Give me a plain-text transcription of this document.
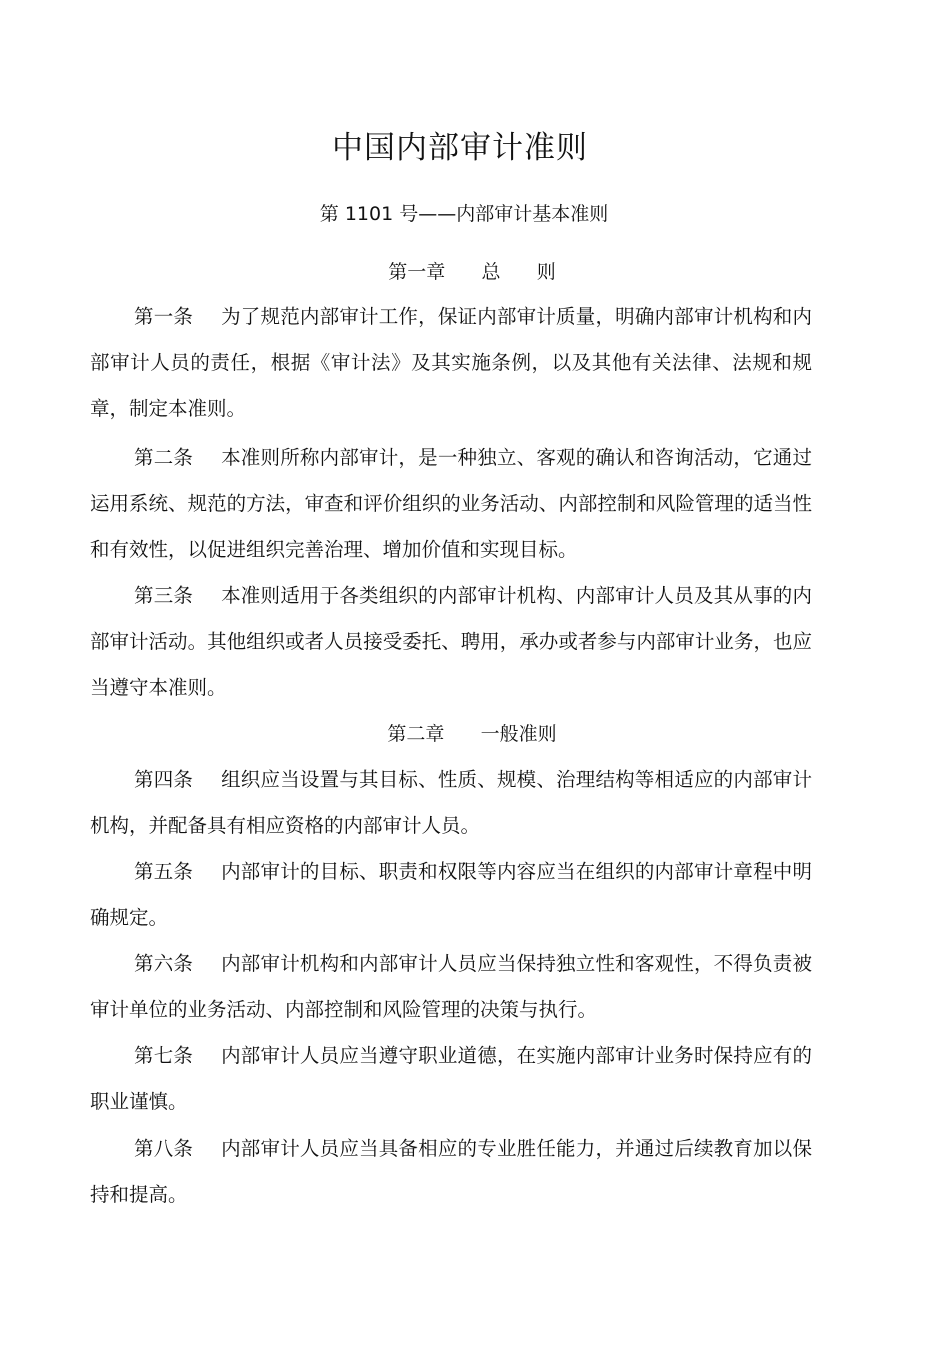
中国内部审计准则
第 1101 号——内部审计基本准则
第一章      总      则

第一条 为了规范内部审计工作，保证内部审计质量，明确内部审计机构和内部审计人员的责任，根据《审计法》及其实施条例，以及其他有关法律、法规和规章，制定本准则。

第二条 本准则所称内部审计，是一种独立、客观的确认和咨询活动，它通过运用系统、规范的方法，审查和评价组织的业务活动、内部控制和风险管理的适当性和有效性，以促进组织完善治理、增加价值和实现目标。

第三条 本准则适用于各类组织的内部审计机构、内部审计人员及其从事的内部审计活动。其他组织或者人员接受委托、聘用，承办或者参与内部审计业务，也应当遵守本准则。

第二章      一般准则

第四条 组织应当设置与其目标、性质、规模、治理结构等相适应的内部审计机构，并配备具有相应资格的内部审计人员。

第五条 内部审计的目标、职责和权限等内容应当在组织的内部审计章程中明确规定。

第六条 内部审计机构和内部审计人员应当保持独立性和客观性，不得负责被审计单位的业务活动、内部控制和风险管理的决策与执行。

第七条 内部审计人员应当遵守职业道德，在实施内部审计业务时保持应有的职业谨慎。

第八条 内部审计人员应当具备相应的专业胜任能力，并通过后续教育加以保持和提高。
